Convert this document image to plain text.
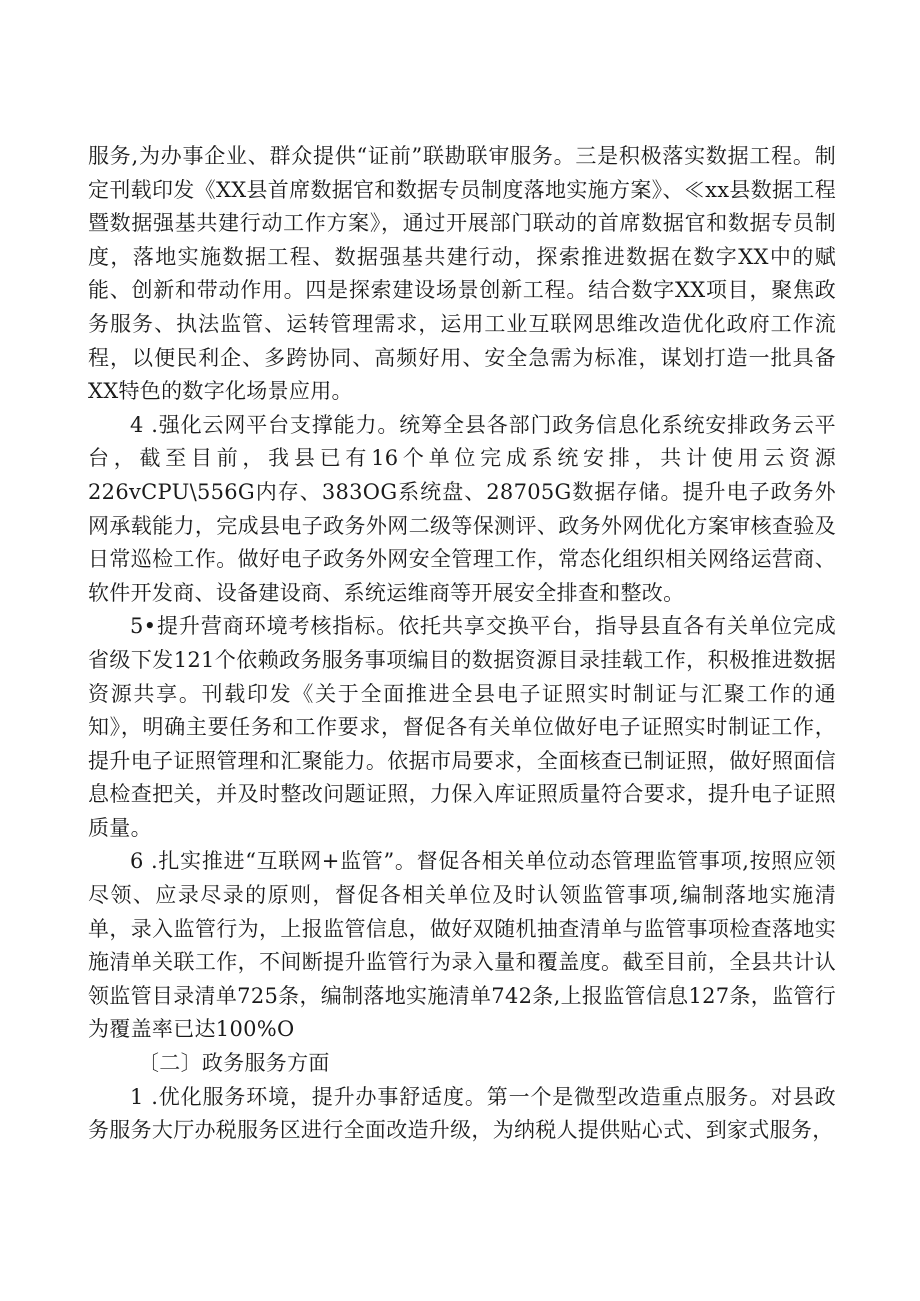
服务,为办事企业、群众提供“证前”联勘联审服务。三是积极落实数据工程。制定刊载印发《XX县首席数据官和数据专员制度落地实施方案》、≪xx县数据工程暨数据强基共建行动工作方案》，通过开展部门联动的首席数据官和数据专员制度，落地实施数据工程、数据强基共建行动，探索推进数据在数字XX中的赋能、创新和带动作用。四是探索建设场景创新工程。结合数字XX项目，聚焦政务服务、执法监管、运转管理需求，运用工业互联网思维改造优化政府工作流程，以便民利企、多跨协同、高频好用、安全急需为标准，谋划打造一批具备XX特色的数字化场景应用。

4 .强化云网平台支撑能力。统筹全县各部门政务信息化系统安排政务云平台，截至目前，我县已有16个单位完成系统安排，共计使用云资源226vCPU\556G内存、383OG系统盘、28705G数据存储。提升电子政务外网承载能力，完成县电子政务外网二级等保测评、政务外网优化方案审核查验及日常巡检工作。做好电子政务外网安全管理工作，常态化组织相关网络运营商、软件开发商、设备建设商、系统运维商等开展安全排查和整改。

5•提升营商环境考核指标。依托共享交换平台，指导县直各有关单位完成省级下发121个依赖政务服务事项编目的数据资源目录挂载工作，积极推进数据资源共享。刊载印发《关于全面推进全县电子证照实时制证与汇聚工作的通知》，明确主要任务和工作要求，督促各有关单位做好电子证照实时制证工作，提升电子证照管理和汇聚能力。依据市局要求，全面核查已制证照，做好照面信息检查把关，并及时整改问题证照，力保入库证照质量符合要求，提升电子证照质量。

6 .扎实推进“互联网+监管”。督促各相关单位动态管理监管事项,按照应领尽领、应录尽录的原则，督促各相关单位及时认领监管事项,编制落地实施清单，录入监管行为，上报监管信息，做好双随机抽查清单与监管事项检查落地实施清单关联工作，不间断提升监管行为录入量和覆盖度。截至目前，全县共计认领监管目录清单725条，编制落地实施清单742条,上报监管信息127条，监管行为覆盖率已达100%O

〔二〕政务服务方面

1 .优化服务环境，提升办事舒适度。第一个是微型改造重点服务。对县政务服务大厅办税服务区进行全面改造升级，为纳税人提供贴心式、到家式服务，
